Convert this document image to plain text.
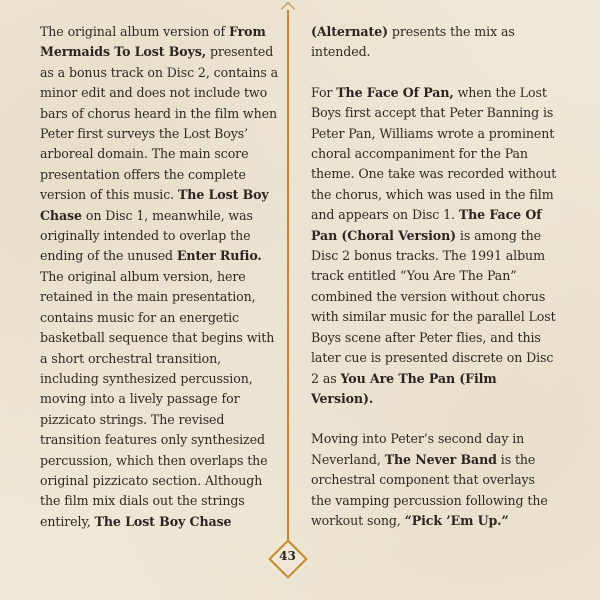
The original album version of From Mermaids To Lost Boys, presented as a bonus track on Disc 2, contains a minor edit and does not include two bars of chorus heard in the film when Peter first surveys the Lost Boys’ arboreal domain. The main score presentation offers the complete version of this music. The Lost Boy Chase on Disc 1, meanwhile, was originally intended to overlap the ending of the unused Enter Rufio. The original album version, here retained in the main presentation, contains music for an energetic basketball sequence that begins with a short orchestral transition, including synthesized percussion, moving into a lively passage for pizzicato strings. The revised transition features only synthesized percussion, which then overlaps the original pizzicato section. Although the film mix dials out the strings entirely, The Lost Boy Chase

(Alternate) presents the mix as intended.

For The Face Of Pan, when the Lost Boys first accept that Peter Banning is Peter Pan, Williams wrote a prominent choral accompaniment for the Pan theme. One take was recorded without the chorus, which was used in the film and appears on Disc 1. The Face Of Pan (Choral Version) is among the Disc 2 bonus tracks. The 1991 album track entitled “You Are The Pan” combined the version without chorus with similar music for the parallel Lost Boys scene after Peter flies, and this later cue is presented discrete on Disc 2 as You Are The Pan (Film Version).

Moving into Peter’s second day in Neverland, The Never Band is the orchestral component that overlays the vamping percussion following the workout song, “Pick ’Em Up.”

43
